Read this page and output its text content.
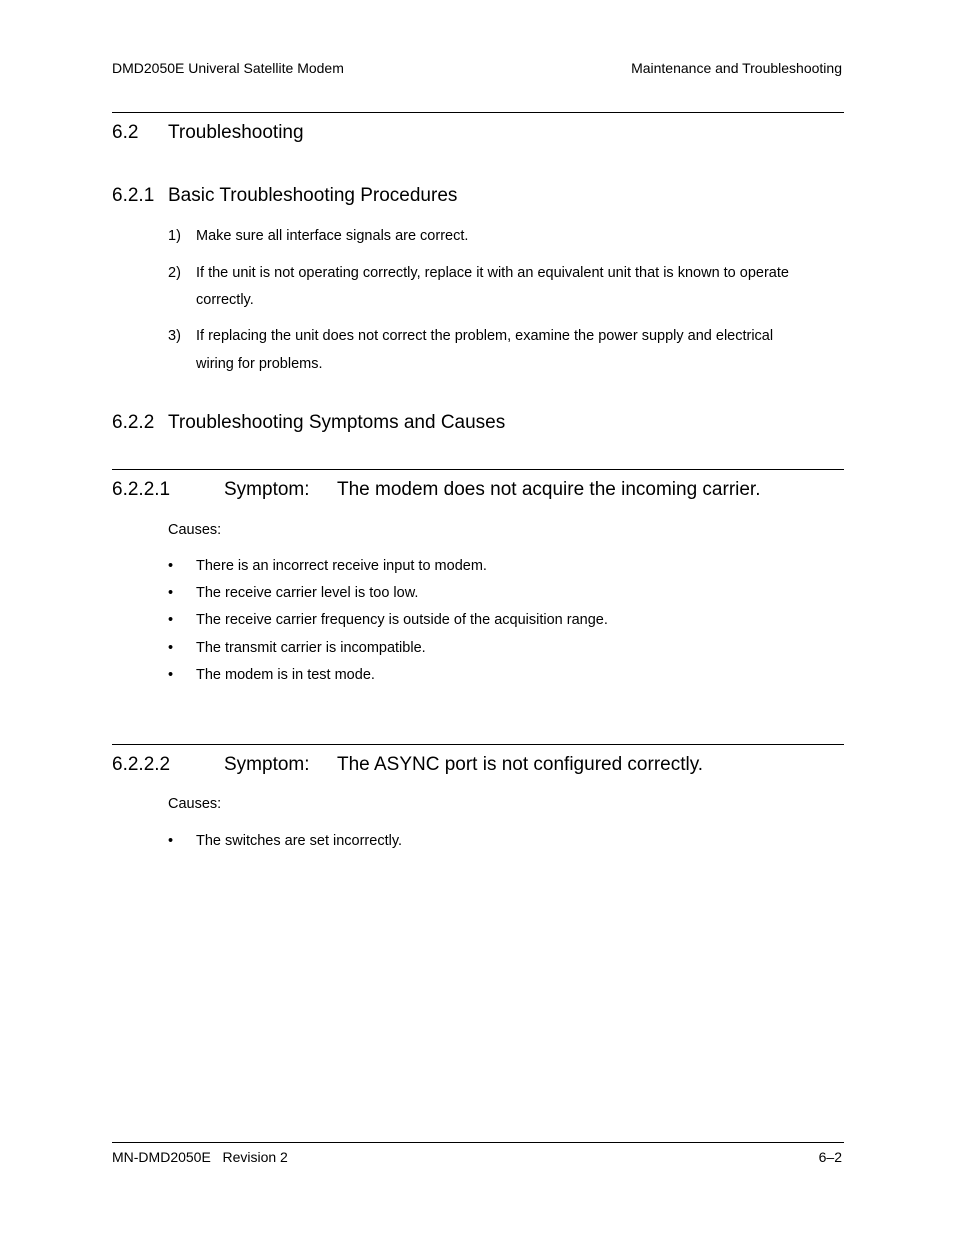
DMD2050E Univeral Satellite Modem	Maintenance and Troubleshooting
6.2 Troubleshooting
6.2.1 Basic Troubleshooting Procedures
1) Make sure all interface signals are correct.
2) If the unit is not operating correctly, replace it with an equivalent unit that is known to operate
correctly.
3) If replacing the unit does not correct the problem, examine the power supply and electrical
wiring for problems.
6.2.2 Troubleshooting Symptoms and Causes
6.2.2.1	Symptom: The modem does not acquire the incoming carrier.
Causes:
• There is an incorrect receive input to modem.
• The receive carrier level is too low.
• The receive carrier frequency is outside of the acquisition range.
• The transmit carrier is incompatible.
• The modem is in test mode.
6.2.2.2	Symptom: The ASYNC port is not configured correctly.
Causes:
• The switches are set incorrectly.
MN-DMD2050E   Revision 2	6–2
